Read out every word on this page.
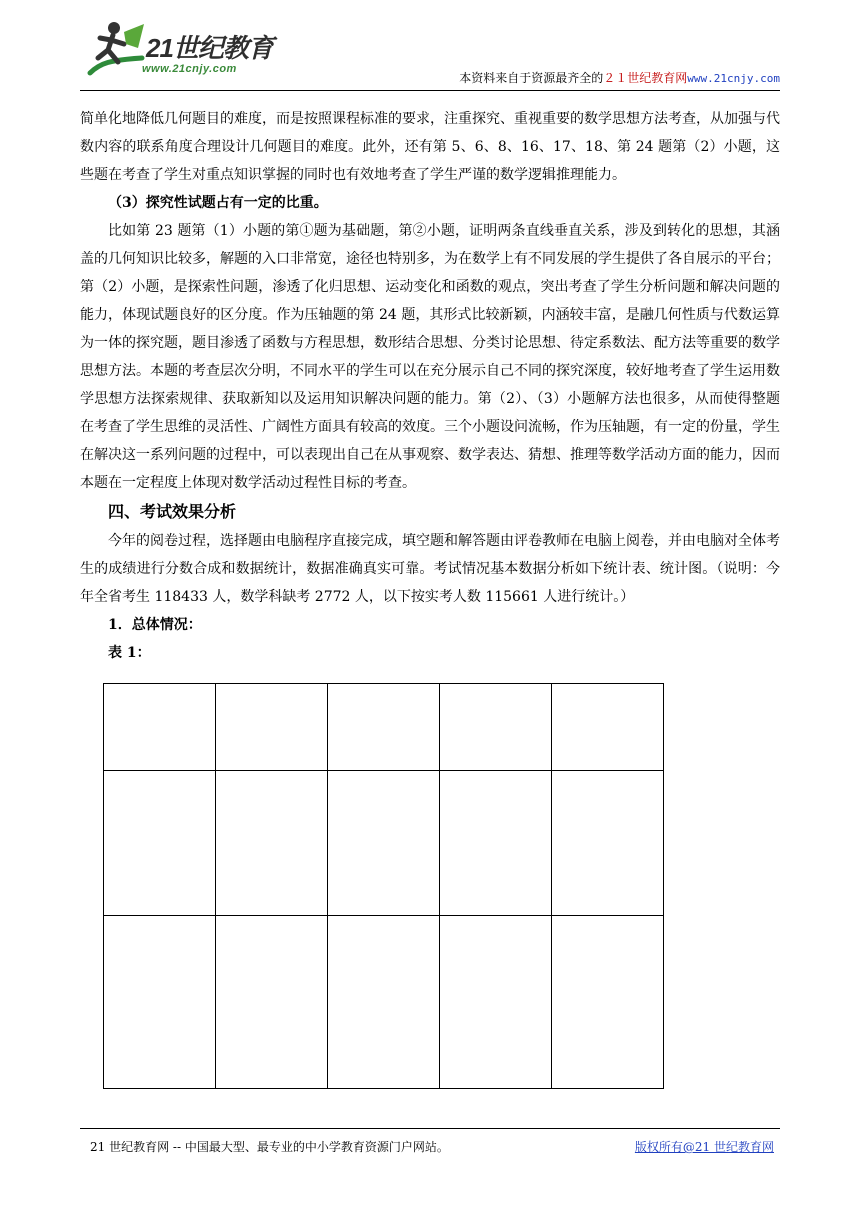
21世纪教育
www.21cnjy.com
本资料来自于资源最齐全的２１世纪教育网www.21cnjy.com

简单化地降低几何题目的难度，而是按照课程标准的要求，注重探究、重视重要的数学思想方法考查，从加强与代数内容的联系角度合理设计几何题目的难度。此外，还有第 5、6、8、16、17、18、第 24 题第（2）小题，这些题在考查了学生对重点知识掌握的同时也有效地考查了学生严谨的数学逻辑推理能力。

（3）探究性试题占有一定的比重。

比如第 23 题第（1）小题的第①题为基础题，第②小题，证明两条直线垂直关系，涉及到转化的思想，其涵盖的几何知识比较多，解题的入口非常宽，途径也特别多，为在数学上有不同发展的学生提供了各自展示的平台；第（2）小题，是探索性问题，渗透了化归思想、运动变化和函数的观点，突出考查了学生分析问题和解决问题的能力，体现试题良好的区分度。作为压轴题的第 24 题，其形式比较新颖，内涵较丰富，是融几何性质与代数运算为一体的探究题，题目渗透了函数与方程思想，数形结合思想、分类讨论思想、待定系数法、配方法等重要的数学思想方法。本题的考查层次分明，不同水平的学生可以在充分展示自己不同的探究深度，较好地考查了学生运用数学思想方法探索规律、获取新知以及运用知识解决问题的能力。第（2）、（3）小题解方法也很多，从而使得整题在考查了学生思维的灵活性、广阔性方面具有较高的效度。三个小题设问流畅，作为压轴题，有一定的份量，学生在解决这一系列问题的过程中，可以表现出自己在从事观察、数学表达、猜想、推理等数学活动方面的能力，因而本题在一定程度上体现对数学活动过程性目标的考查。

四、考试效果分析

今年的阅卷过程，选择题由电脑程序直接完成，填空题和解答题由评卷教师在电脑上阅卷，并由电脑对全体考生的成绩进行分数合成和数据统计，数据准确真实可靠。考试情况基本数据分析如下统计表、统计图。（说明：今年全省考生 118433 人，数学科缺考 2772 人，以下按实考人数 115661 人进行统计。）

1．总体情况：

表 1：

21 世纪教育网 -- 中国最大型、最专业的中小学教育资源门户网站。	版权所有@21 世纪教育网
